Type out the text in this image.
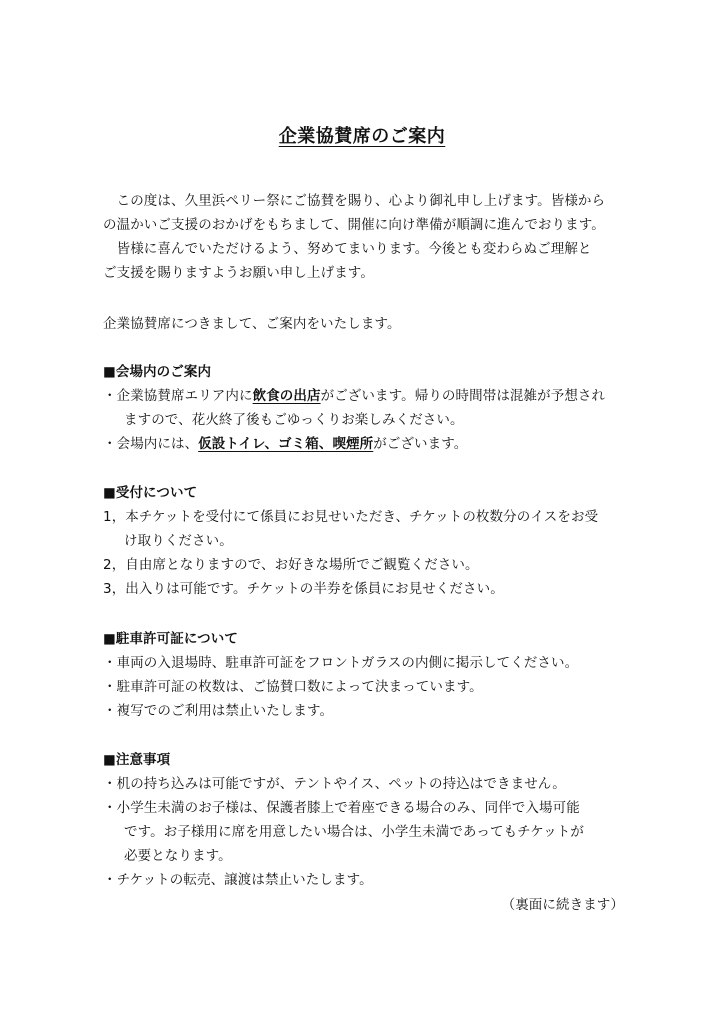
企業協賛席のご案内
　この度は、久里浜ペリー祭にご協賛を賜り、心より御礼申し上げます。皆様から
の温かいご支援のおかげをもちまして、開催に向け準備が順調に進んでおります。
　皆様に喜んでいただけるよう、努めてまいります。今後とも変わらぬご理解と
ご支援を賜りますようお願い申し上げます。
企業協賛席につきまして、ご案内をいたします。
■会場内のご案内
・企業協賛席エリア内に飲食の出店がございます。帰りの時間帯は混雑が予想され
ますので、花火終了後もごゆっくりお楽しみください。
・会場内には、仮設トイレ、ゴミ箱、喫煙所がございます。
■受付について
1，本チケットを受付にて係員にお見せいただき、チケットの枚数分のイスをお受
け取りください。
2，自由席となりますので、お好きな場所でご観覧ください。
3，出入りは可能です。チケットの半券を係員にお見せください。
■駐車許可証について
・車両の入退場時、駐車許可証をフロントガラスの内側に掲示してください。
・駐車許可証の枚数は、ご協賛口数によって決まっています。
・複写でのご利用は禁止いたします。
■注意事項
・机の持ち込みは可能ですが、テントやイス、ペットの持込はできません。
・小学生未満のお子様は、保護者膝上で着座できる場合のみ、同伴で入場可能
です。お子様用に席を用意したい場合は、小学生未満であってもチケットが
必要となります。
・チケットの転売、譲渡は禁止いたします。
（裏面に続きます）
